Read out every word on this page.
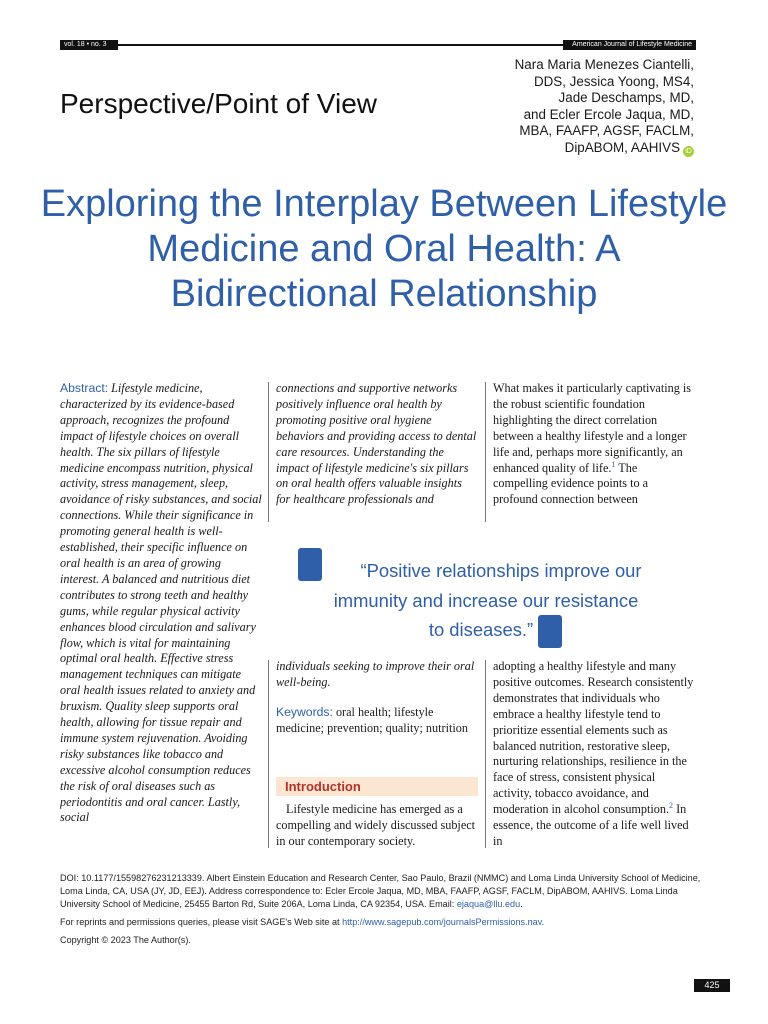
vol. 18 • no. 3	American Journal of Lifestyle Medicine
Perspective/Point of View
Nara Maria Menezes Ciantelli,
DDS, Jessica Yoong, MS4,
Jade Deschamps, MD,
and Ecler Ercole Jaqua, MD,
MBA, FAAFP, AGSF, FACLM,
DipABOM, AAHIVS iD
Exploring the Interplay Between Lifestyle Medicine and Oral Health: A Bidirectional Relationship
Abstract: Lifestyle medicine, characterized by its evidence-based approach, recognizes the profound impact of lifestyle choices on overall health. The six pillars of lifestyle medicine encompass nutrition, physical activity, stress management, sleep, avoidance of risky substances, and social connections. While their significance in promoting general health is well-established, their specific influence on oral health is an area of growing interest. A balanced and nutritious diet contributes to strong teeth and healthy gums, while regular physical activity enhances blood circulation and salivary flow, which is vital for maintaining optimal oral health. Effective stress management techniques can mitigate oral health issues related to anxiety and bruxism. Quality sleep supports oral health, allowing for tissue repair and immune system rejuvenation. Avoiding risky substances like tobacco and excessive alcohol consumption reduces the risk of oral diseases such as periodontitis and oral cancer. Lastly, social
connections and supportive networks positively influence oral health by promoting positive oral hygiene behaviors and providing access to dental care resources. Understanding the impact of lifestyle medicine's six pillars on oral health offers valuable insights for healthcare professionals and
What makes it particularly captivating is the robust scientific foundation highlighting the direct correlation between a healthy lifestyle and a longer life and, perhaps more significantly, an enhanced quality of life.$^1$ The compelling evidence points to a profound connection between
“Positive relationships improve our
immunity and increase our resistance
to diseases.”
individuals seeking to improve their oral well-being.
Keywords: oral health; lifestyle medicine; prevention; quality; nutrition
Introduction
Lifestyle medicine has emerged as a compelling and widely discussed subject in our contemporary society.
adopting a healthy lifestyle and many positive outcomes. Research consistently demonstrates that individuals who embrace a healthy lifestyle tend to prioritize essential elements such as balanced nutrition, restorative sleep, nurturing relationships, resilience in the face of stress, consistent physical activity, tobacco avoidance, and moderation in alcohol consumption.$^2$ In essence, the outcome of a life well lived in
DOI: 10.1177/15598276231213339. Albert Einstein Education and Research Center, Sao Paulo, Brazil (NMMC) and Loma Linda University School of Medicine, Loma Linda, CA, USA (JY, JD, EEJ). Address correspondence to: Ecler Ercole Jaqua, MD, MBA, FAAFP, AGSF, FACLM, DipABOM, AAHIVS. Loma Linda University School of Medicine, 25455 Barton Rd, Suite 206A, Loma Linda, CA 92354, USA. Email: ejaqua@llu.edu.
For reprints and permissions queries, please visit SAGE's Web site at http://www.sagepub.com/journalsPermissions.nav.
Copyright © 2023 The Author(s).
425
